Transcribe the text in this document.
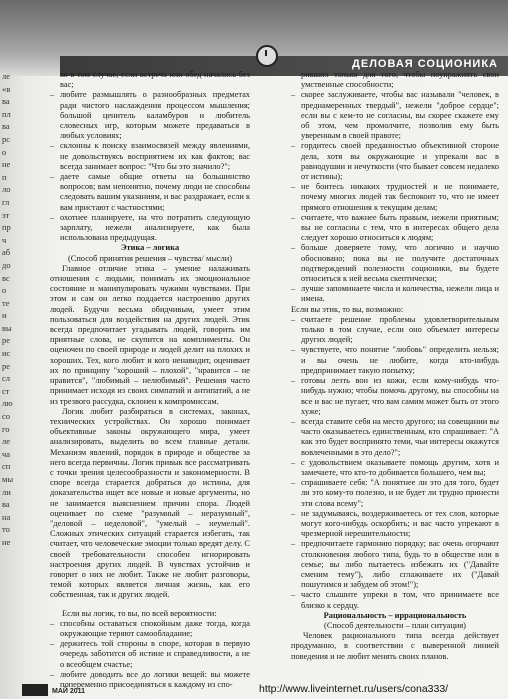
ДЕЛОВАЯ СОЦИОНИКА
ле
«в
ва
пл
ва
рс
о
не
п
ло
гл
эт
пр
ч
аб
до
вс
о
те
и
вы
ре
ис
ре
сл
ст
лю
со
го
ле
ча
сп
мы
ли
ва
на
то
не
ко в том случае, если встреча или обед начались без вас;
– любите размышлять о разнообразных предметах ради чистого наслаждения процессом мышления; большой ценитель каламбуров и любитель словесных игр, которым можете предаваться в любых условиях;
– склонны к поиску взаимосвязей между явлениями, не довольствуясь восприятием их как фактов; вас всегда занимает вопрос: "Что бы это значило?";
– даете самые общие ответы на большинство вопросов; вам непонятно, почему люди не способны следовать вашим указаниям, и вас раздражает, если к вам пристают с частностями;
– охотнее планируете, на что потратить следующую зарплату, нежели анализируете, как была использована предыдущая.

Этика – логика

(Способ принятия решения – чувства/ мысли)

Главное отличие этика – умение налаживать отношения с людьми, понимать их эмоциональное состояние и манипулировать чужими чувствами. При этом и сам он легко поддается настроению других людей. Будучи весьма обидчивым, умеет этим пользоваться для воздействия на других людей. Этик всегда предпочитает угадывать людей, говорить им приятные слова, не скупится на комплименты. Он оценочен по своей природе и людей делит на плохих и хороших. Тех, кого любит и кого ненавидит, оценивает их по принципу "хороший – плохой", "нравится – не нравится", "любимый – нелюбимый". Решения часто принимает исходя из своих симпатий и антипатий, а не из трезвого рассудка, склонен к компромиссам.

Логик любит разбираться в системах, законах, технических устройствах. Он хорошо понимает объективные законы окружающего мира, умеет анализировать, выделить во всем главные детали. Механизм явлений, порядок в природе и обществе за него всегда первичны. Логик привык все рассматривать с точки зрения целесообразности и закономерности. В споре всегда старается добраться до истины, для доказательства ищет все новые и новые аргументы, но не занимается выяснением причин спора. Людей оценивает по схеме "разумный – неразумный", "деловой – неделовой", "умелый – неумелый". Сложных этических ситуаций старается избегать, так считает, что человеческие эмоции только вредят делу. С своей требовательности способен игнорировать настроения других людей. В чувствах устойчив и говорит о них не любит. Также не любит разговоры, темой которых является личная жизнь, как его собственная, так и других людей.

Если вы логик, то вы, по всей вероятности:

– способны оставаться спокойным даже тогда, когда окружающие теряют самообладание;
– держитесь той стороны в споре, которая в первую очередь заботится об истине и справедливости, а не о всеобщем счастье;
– любите доводить все до логики вещей: вы можете попеременно присоединяться к каждому из спо-
ривших только для того, чтобы поупражнять свои умственные способности;
– скорее заслуживаете, чтобы вас называли "человек, в преднамеренных твердый", нежели "доброе сердце"; если вы с кем-то не согласны, вы скорее скажете ему об этом, чем промолчите, позволив ему быть уверенным в своей правоте;
– гордитесь своей преданностью объективной стороне дела, хотя вы окружающие и упрекали вас в равнодушии и нечуткости (что бывает совсем недалеко от истины);
– не боитесь никаких трудностей и не понимаете, почему многих людей так беспокоит то, что не имеет прямого отношения к текущим делам;
– считаете, что важнее быть правым, нежели приятным; вы не согласны с тем, что в интересах общего дела следует хорошо относиться к людям;
– больше доверяете тому, что логично и научно обосновано; пока вы не получите достаточных подтверждений полезности соционики, вы будете относиться к ней весьма скептически;
– лучше запоминаете числа и количества, нежели лица и имена.

Если вы этик, то вы, возможно:

– считаете решение проблемы удовлетворительным только в том случае, если оно объемлет интересы других людей;
– чувствуете, что понятие "любовь" определить нельзя; и вы очень не любите, когда кто-нибудь предпринимает такую попытку;
– готовы лезть вон из кожи, если кому-нибудь что-нибудь нужно; чтобы помочь другому, вы способны на все и вас не пугает, что вам самим может быть от этого хуже;
– всегда ставите себя на место другого; на совещании вы часто оказываетесь единственным, кто спрашивает: "А как это будет воспринято теми, чьи интересы окажутся вовлеченными в это дело?";
– с удовольствием оказываете помощь другим, хотя и замечаете, что кто-то добивается большего, чем вы;
– спрашиваете себя: "А понятнее ли это для того, будет ли это кому-то полезно, и не будет ли трудно принести эти слова всему";
– не задумываясь, воздерживаетесь от тех слов, которые могут кого-нибудь оскорбить; и вас часто упрекают в чрезмерной нерешительности;
– предпочитаете гармонию порядку; вас очень огорчают столкновения любого типа, будь то в обществе или в семье; вы либо пытаетесь избежать их ("Давайте сменим тему"), либо сглаживаете их ("Давай пошутимся и забудем об этом!");
– часто слышите упреки в том, что принимаете все близко к сердцу.

Рациональность – иррациональность

(Способ деятельности – план ситуация)

Человек рационального типа всегда действует продуманно, в соответствии с выверенной линией поведения и не любит менять своих планов.

МАЙ 2011	http://www.liveinternet.ru/users/cona333/
